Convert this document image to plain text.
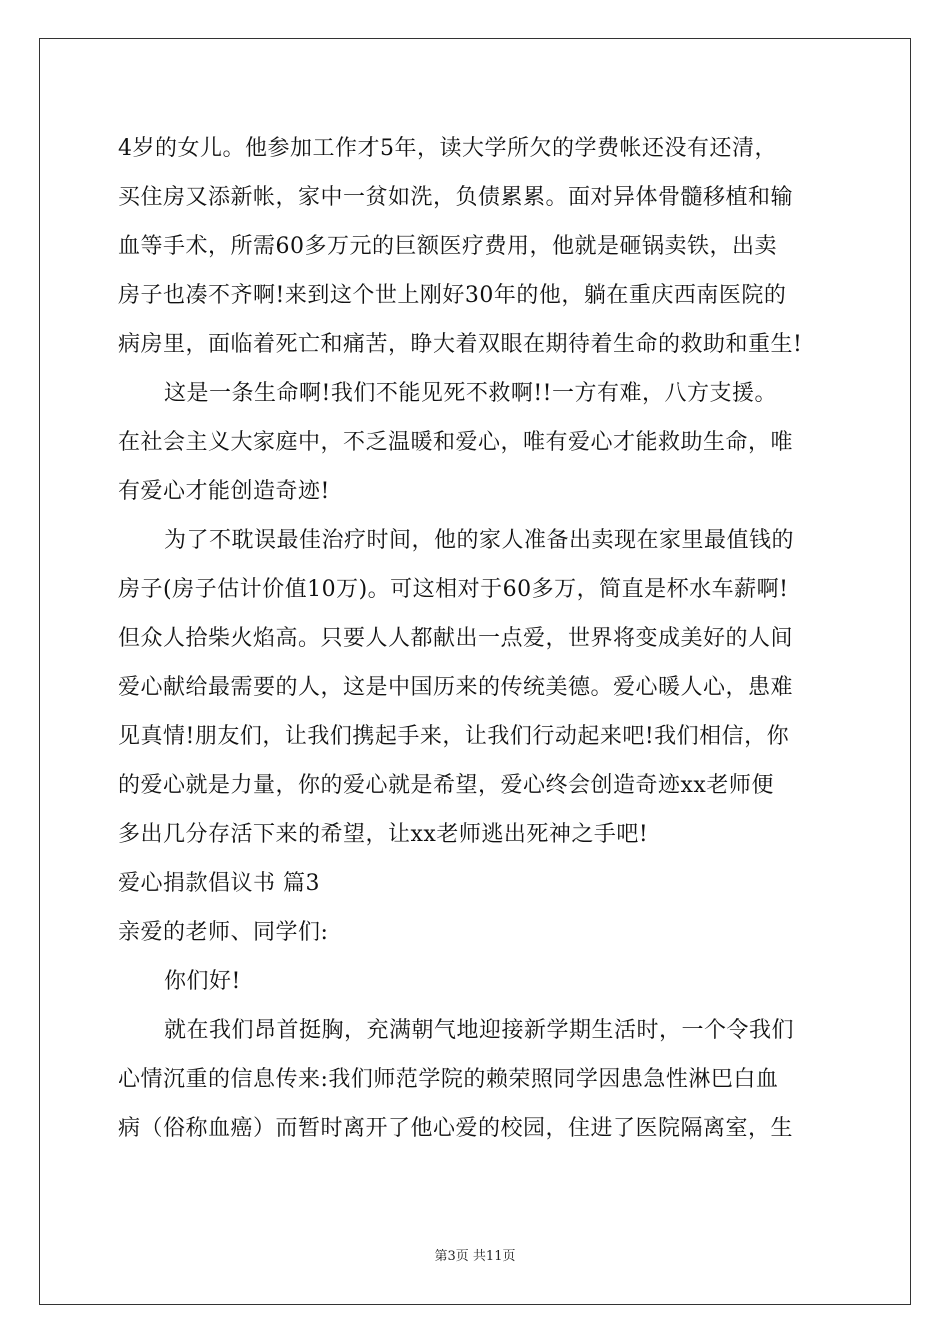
4岁的女儿。他参加工作才5年，读大学所欠的学费帐还没有还清，
买住房又添新帐，家中一贫如洗，负债累累。面对异体骨髓移植和输
血等手术，所需60多万元的巨额医疗费用，他就是砸锅卖铁，出卖
房子也凑不齐啊!来到这个世上刚好30年的他，躺在重庆西南医院的
病房里，面临着死亡和痛苦，睁大着双眼在期待着生命的救助和重生!
这是一条生命啊!我们不能见死不救啊!!一方有难，八方支援。
在社会主义大家庭中，不乏温暖和爱心，唯有爱心才能救助生命，唯
有爱心才能创造奇迹!
为了不耽误最佳治疗时间，他的家人准备出卖现在家里最值钱的
房子(房子估计价值10万)。可这相对于60多万，简直是杯水车薪啊!
但众人拾柴火焰高。只要人人都献出一点爱，世界将变成美好的人间
爱心献给最需要的人，这是中国历来的传统美德。爱心暖人心，患难
见真情!朋友们，让我们携起手来，让我们行动起来吧!我们相信，你
的爱心就是力量，你的爱心就是希望，爱心终会创造奇迹xx老师便
多出几分存活下来的希望，让xx老师逃出死神之手吧!
爱心捐款倡议书 篇3
亲爱的老师、同学们:
你们好!
就在我们昂首挺胸，充满朝气地迎接新学期生活时，一个令我们
心情沉重的信息传来:我们师范学院的赖荣照同学因患急性淋巴白血
病（俗称血癌）而暂时离开了他心爱的校园，住进了医院隔离室，生
第3页 共11页
